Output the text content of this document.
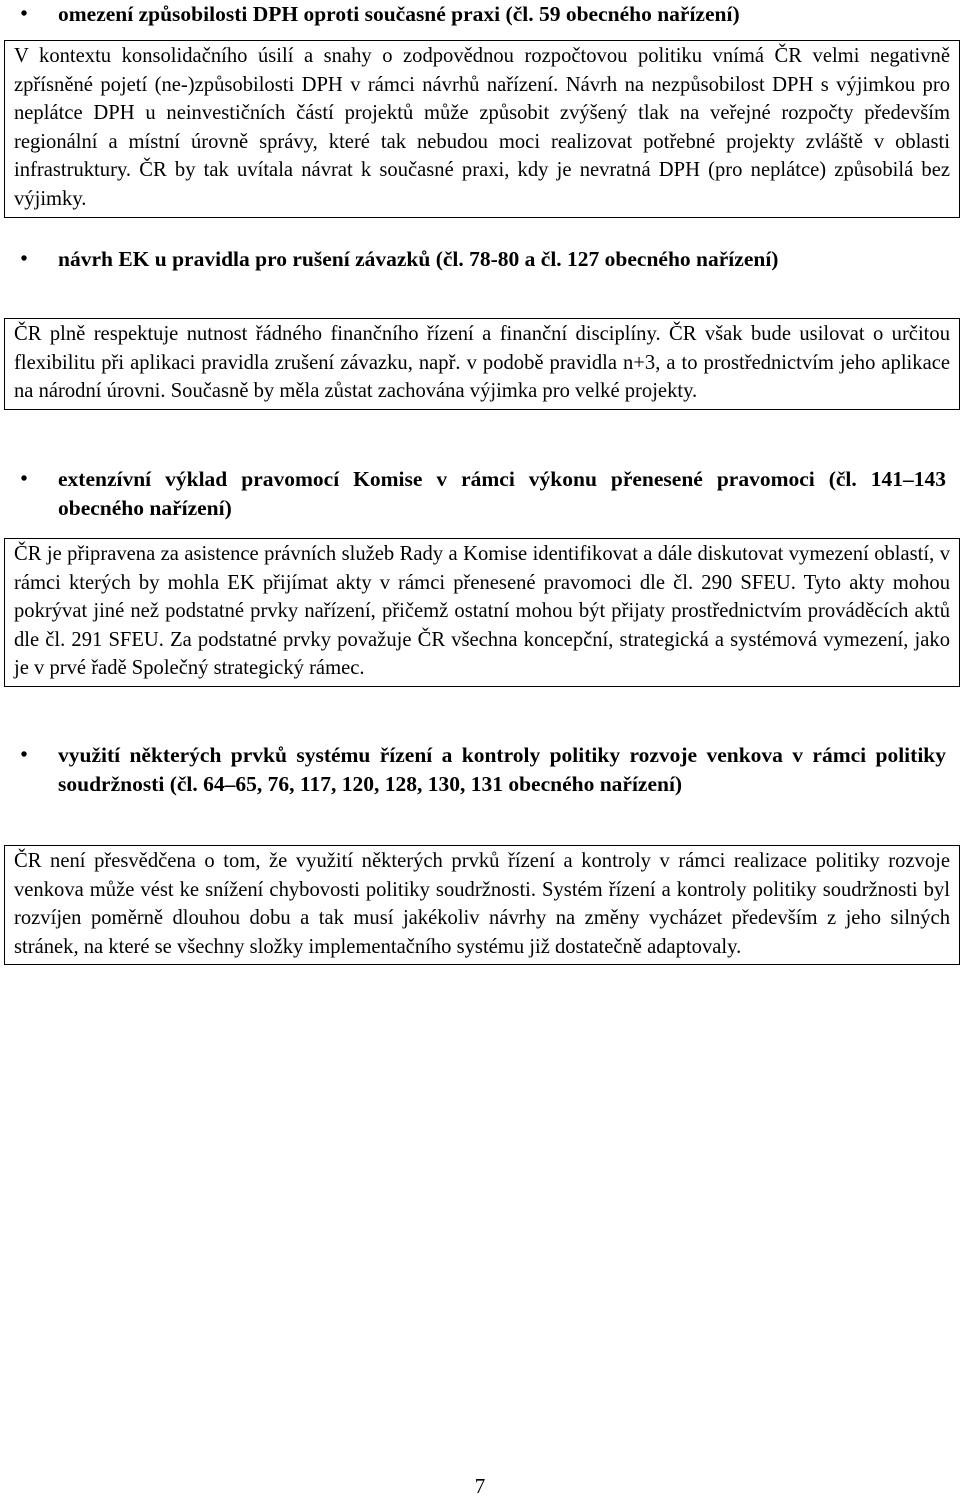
•	omezení způsobilosti DPH oproti současné praxi (čl. 59 obecného nařízení)

V kontextu konsolidačního úsilí a snahy o zodpovědnou rozpočtovou politiku vnímá ČR velmi negativně zpřísněné pojetí (ne-)způsobilosti DPH v rámci návrhů nařízení. Návrh na nezpůsobilost DPH s výjimkou pro neplátce DPH u neinvestičních částí projektů může způsobit zvýšený tlak na veřejné rozpočty především regionální a místní úrovně správy, které tak nebudou moci realizovat potřebné projekty zvláště v oblasti infrastruktury. ČR by tak uvítala návrat k současné praxi, kdy je nevratná DPH (pro neplátce) způsobilá bez výjimky.

•	návrh EK u pravidla pro rušení závazků (čl. 78-80 a čl. 127 obecného nařízení)

ČR plně respektuje nutnost řádného finančního řízení a finanční disciplíny. ČR však bude usilovat o určitou flexibilitu při aplikaci pravidla zrušení závazku, např. v podobě pravidla n+3, a to prostřednictvím jeho aplikace na národní úrovni. Současně by měla zůstat zachována výjimka pro velké projekty.

•	extenzívní výklad pravomocí Komise v rámci výkonu přenesené pravomoci (čl. 141–143 obecného nařízení)

ČR je připravena za asistence právních služeb Rady a Komise identifikovat a dále diskutovat vymezení oblastí, v rámci kterých by mohla EK přijímat akty v rámci přenesené pravomoci dle čl. 290 SFEU. Tyto akty mohou pokrývat jiné než podstatné prvky nařízení, přičemž ostatní mohou být přijaty prostřednictvím prováděcích aktů dle čl. 291 SFEU. Za podstatné prvky považuje ČR všechna koncepční, strategická a systémová vymezení, jako je v prvé řadě Společný strategický rámec.

•	využití některých prvků systému řízení a kontroly politiky rozvoje venkova v rámci politiky soudržnosti (čl. 64–65, 76, 117, 120, 128, 130, 131 obecného nařízení)

ČR není přesvědčena o tom, že využití některých prvků řízení a kontroly v rámci realizace politiky rozvoje venkova může vést ke snížení chybovosti politiky soudržnosti. Systém řízení a kontroly politiky soudržnosti byl rozvíjen poměrně dlouhou dobu a tak musí jakékoliv návrhy na změny vycházet především z jeho silných stránek, na které se všechny složky implementačního systému již dostatečně adaptovaly.

7
